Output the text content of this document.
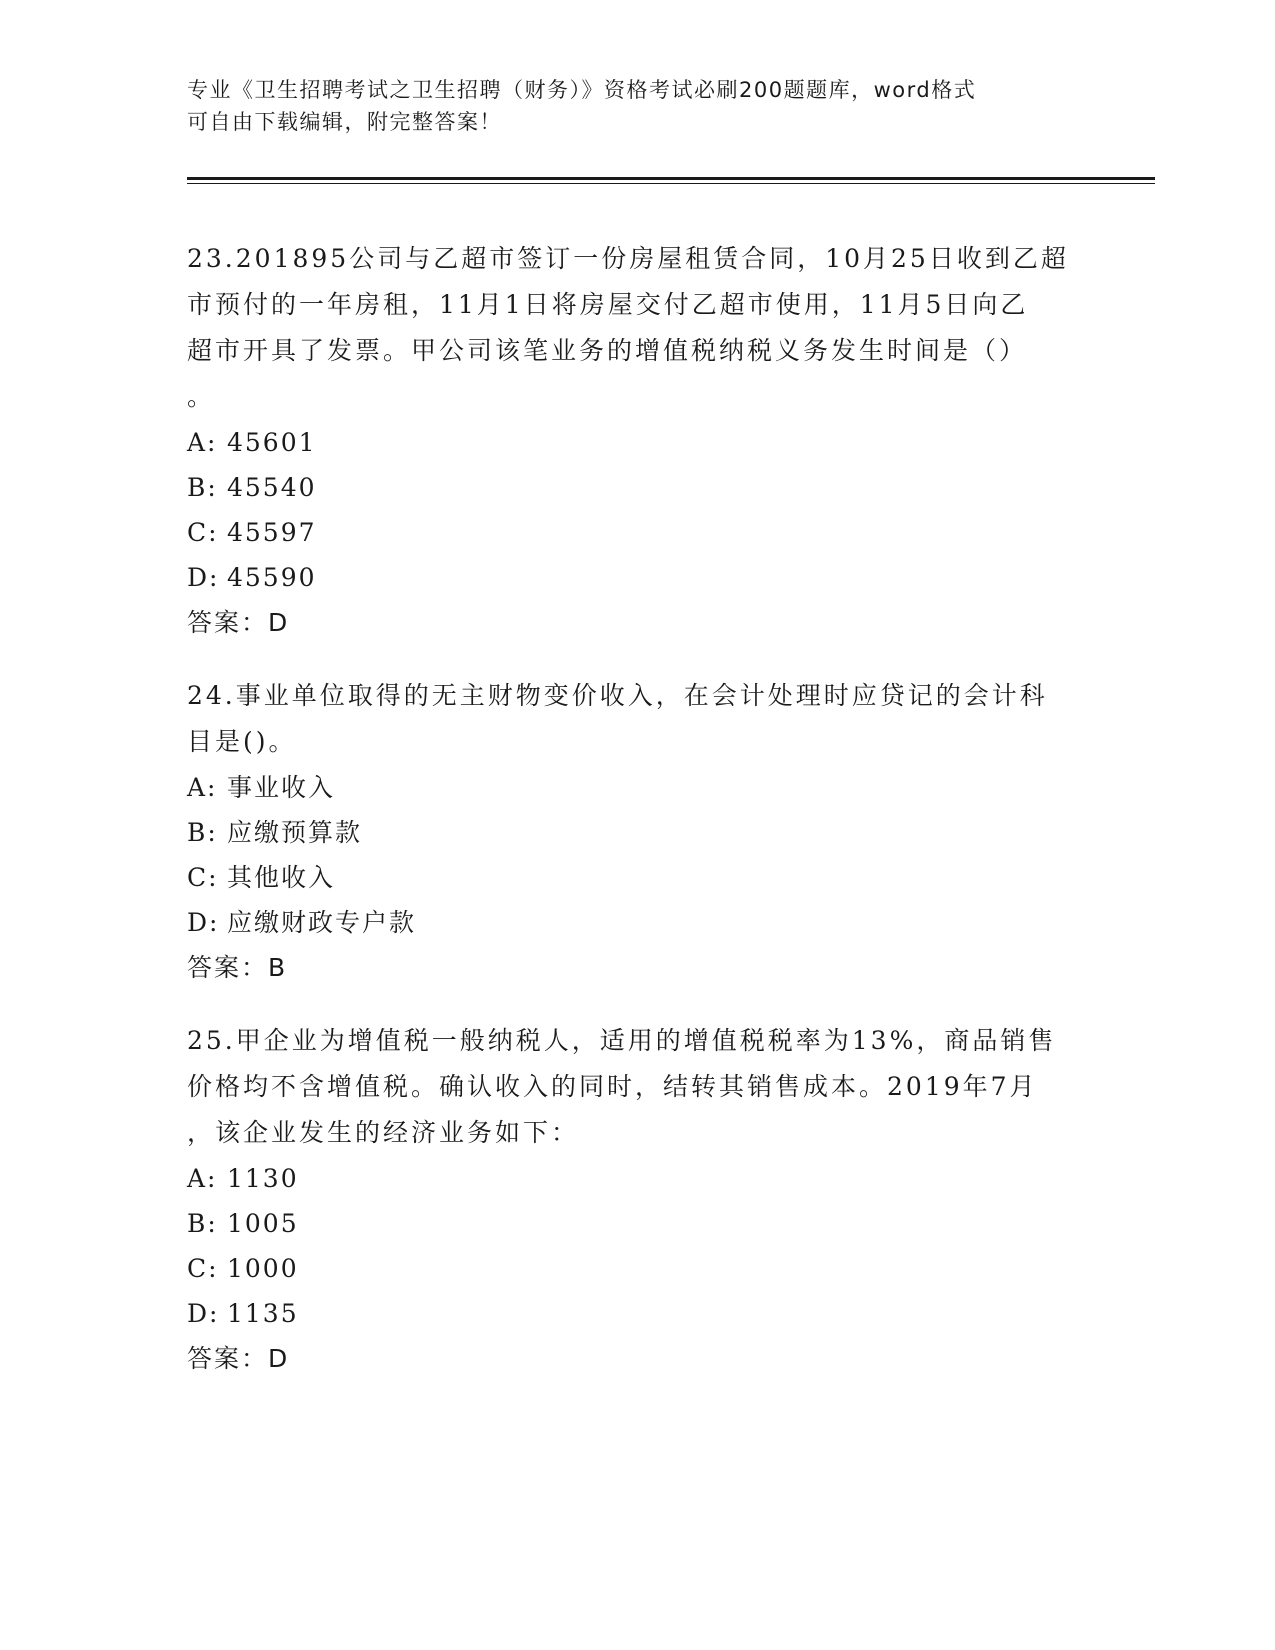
专业《卫生招聘考试之卫生招聘（财务）》资格考试必刷200题题库，word格式
可自由下载编辑，附完整答案！
23.201895公司与乙超市签订一份房屋租赁合同，10月25日收到乙超
市预付的一年房租，11月1日将房屋交付乙超市使用，11月5日向乙
超市开具了发票。甲公司该笔业务的增值税纳税义务发生时间是（）
。
A: 45601
B: 45540
C: 45597
D: 45590
答案：D
24.事业单位取得的无主财物变价收入，在会计处理时应贷记的会计科
目是()。
A: 事业收入
B: 应缴预算款
C: 其他收入
D: 应缴财政专户款
答案：B
25.甲企业为增值税一般纳税人，适用的增值税税率为13%，商品销售
价格均不含增值税。确认收入的同时，结转其销售成本。2019年7月
，该企业发生的经济业务如下：
A: 1130
B: 1005
C: 1000
D: 1135
答案：D
